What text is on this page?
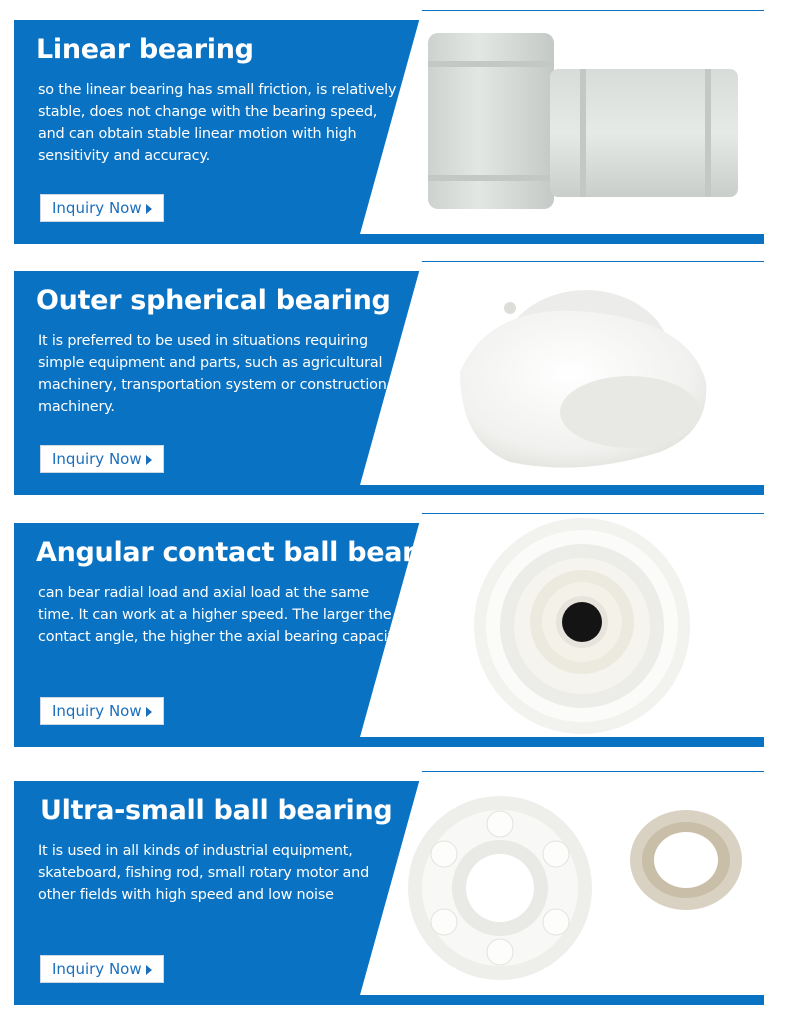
Linear bearing

so the linear bearing has small friction, is relatively stable, does not change with the bearing speed, and can obtain stable linear motion with high sensitivity and accuracy.

Inquiry Now
Outer spherical bearing

It is preferred to be used in situations requiring simple equipment and parts, such as agricultural machinery, transportation system or construction machinery.

Inquiry Now
Angular contact ball bearing

can bear radial load and axial load at the same time. It can work at a higher speed. The larger the contact angle, the higher the axial bearing capacity.

Inquiry Now
Ultra-small ball bearing

It is used in all kinds of industrial equipment, skateboard, fishing rod, small rotary motor and other fields with high speed and low noise

Inquiry Now
